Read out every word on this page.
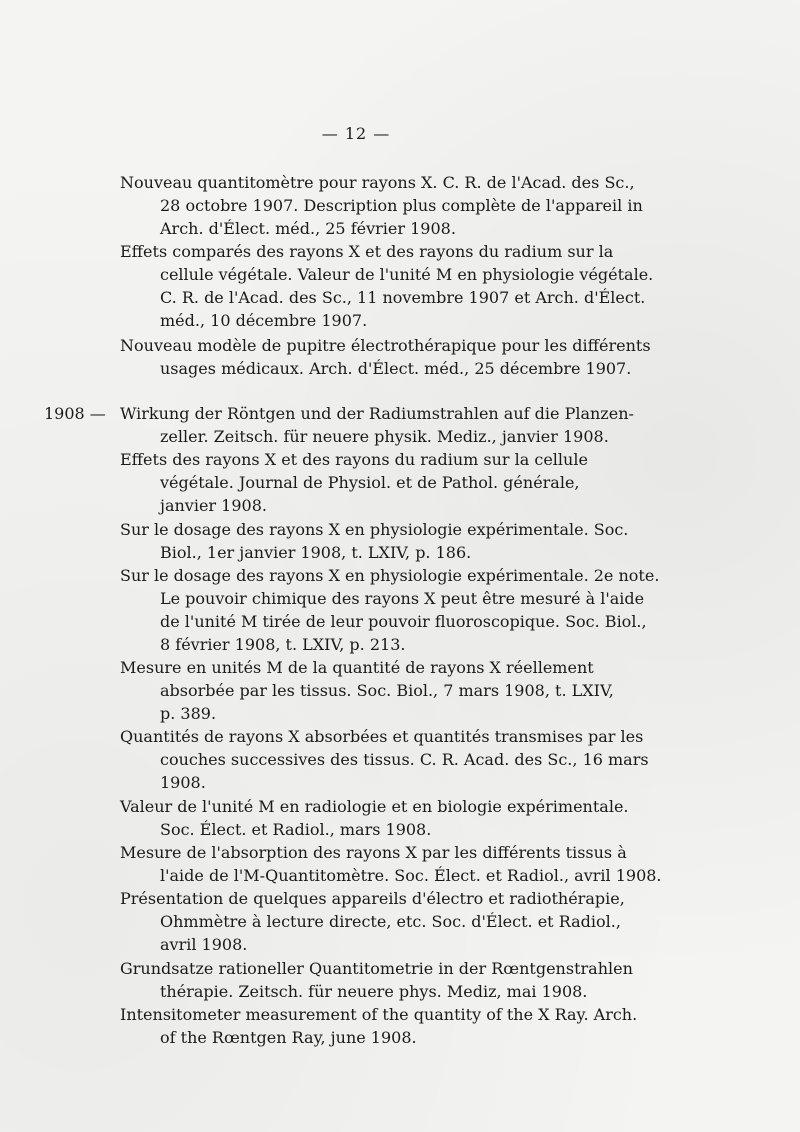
— 12 —
1908 —
Nouveau quantitomètre pour rayons X. C. R. de l'Acad. des Sc.,
28 octobre 1907. Description plus complète de l'appareil in
Arch. d'Élect. méd., 25 février 1908.
Effets comparés des rayons X et des rayons du radium sur la
cellule végétale. Valeur de l'unité M en physiologie végétale.
C. R. de l'Acad. des Sc., 11 novembre 1907 et Arch. d'Élect.
méd., 10 décembre 1907.
Nouveau modèle de pupitre électrothérapique pour les différents
usages médicaux. Arch. d'Élect. méd., 25 décembre 1907.
Wirkung der Röntgen und der Radiumstrahlen auf die Planzen-
zeller. Zeitsch. für neuere physik. Mediz., janvier 1908.
Effets des rayons X et des rayons du radium sur la cellule
végétale. Journal de Physiol. et de Pathol. générale,
janvier 1908.
Sur le dosage des rayons X en physiologie expérimentale. Soc.
Biol., 1er janvier 1908, t. LXIV, p. 186.
Sur le dosage des rayons X en physiologie expérimentale. 2e note.
Le pouvoir chimique des rayons X peut être mesuré à l'aide
de l'unité M tirée de leur pouvoir fluoroscopique. Soc. Biol.,
8 février 1908, t. LXIV, p. 213.
Mesure en unités M de la quantité de rayons X réellement
absorbée par les tissus. Soc. Biol., 7 mars 1908, t. LXIV,
p. 389.
Quantités de rayons X absorbées et quantités transmises par les
couches successives des tissus. C. R. Acad. des Sc., 16 mars
1908.
Valeur de l'unité M en radiologie et en biologie expérimentale.
Soc. Élect. et Radiol., mars 1908.
Mesure de l'absorption des rayons X par les différents tissus à
l'aide de l'M-Quantitomètre. Soc. Élect. et Radiol., avril 1908.
Présentation de quelques appareils d'électro et radiothérapie,
Ohmmètre à lecture directe, etc. Soc. d'Élect. et Radiol.,
avril 1908.
Grundsatze rationeller Quantitometrie in der Rœntgenstrahlen
thérapie. Zeitsch. für neuere phys. Mediz, mai 1908.
Intensitometer measurement of the quantity of the X Ray. Arch.
of the Rœntgen Ray, june 1908.
